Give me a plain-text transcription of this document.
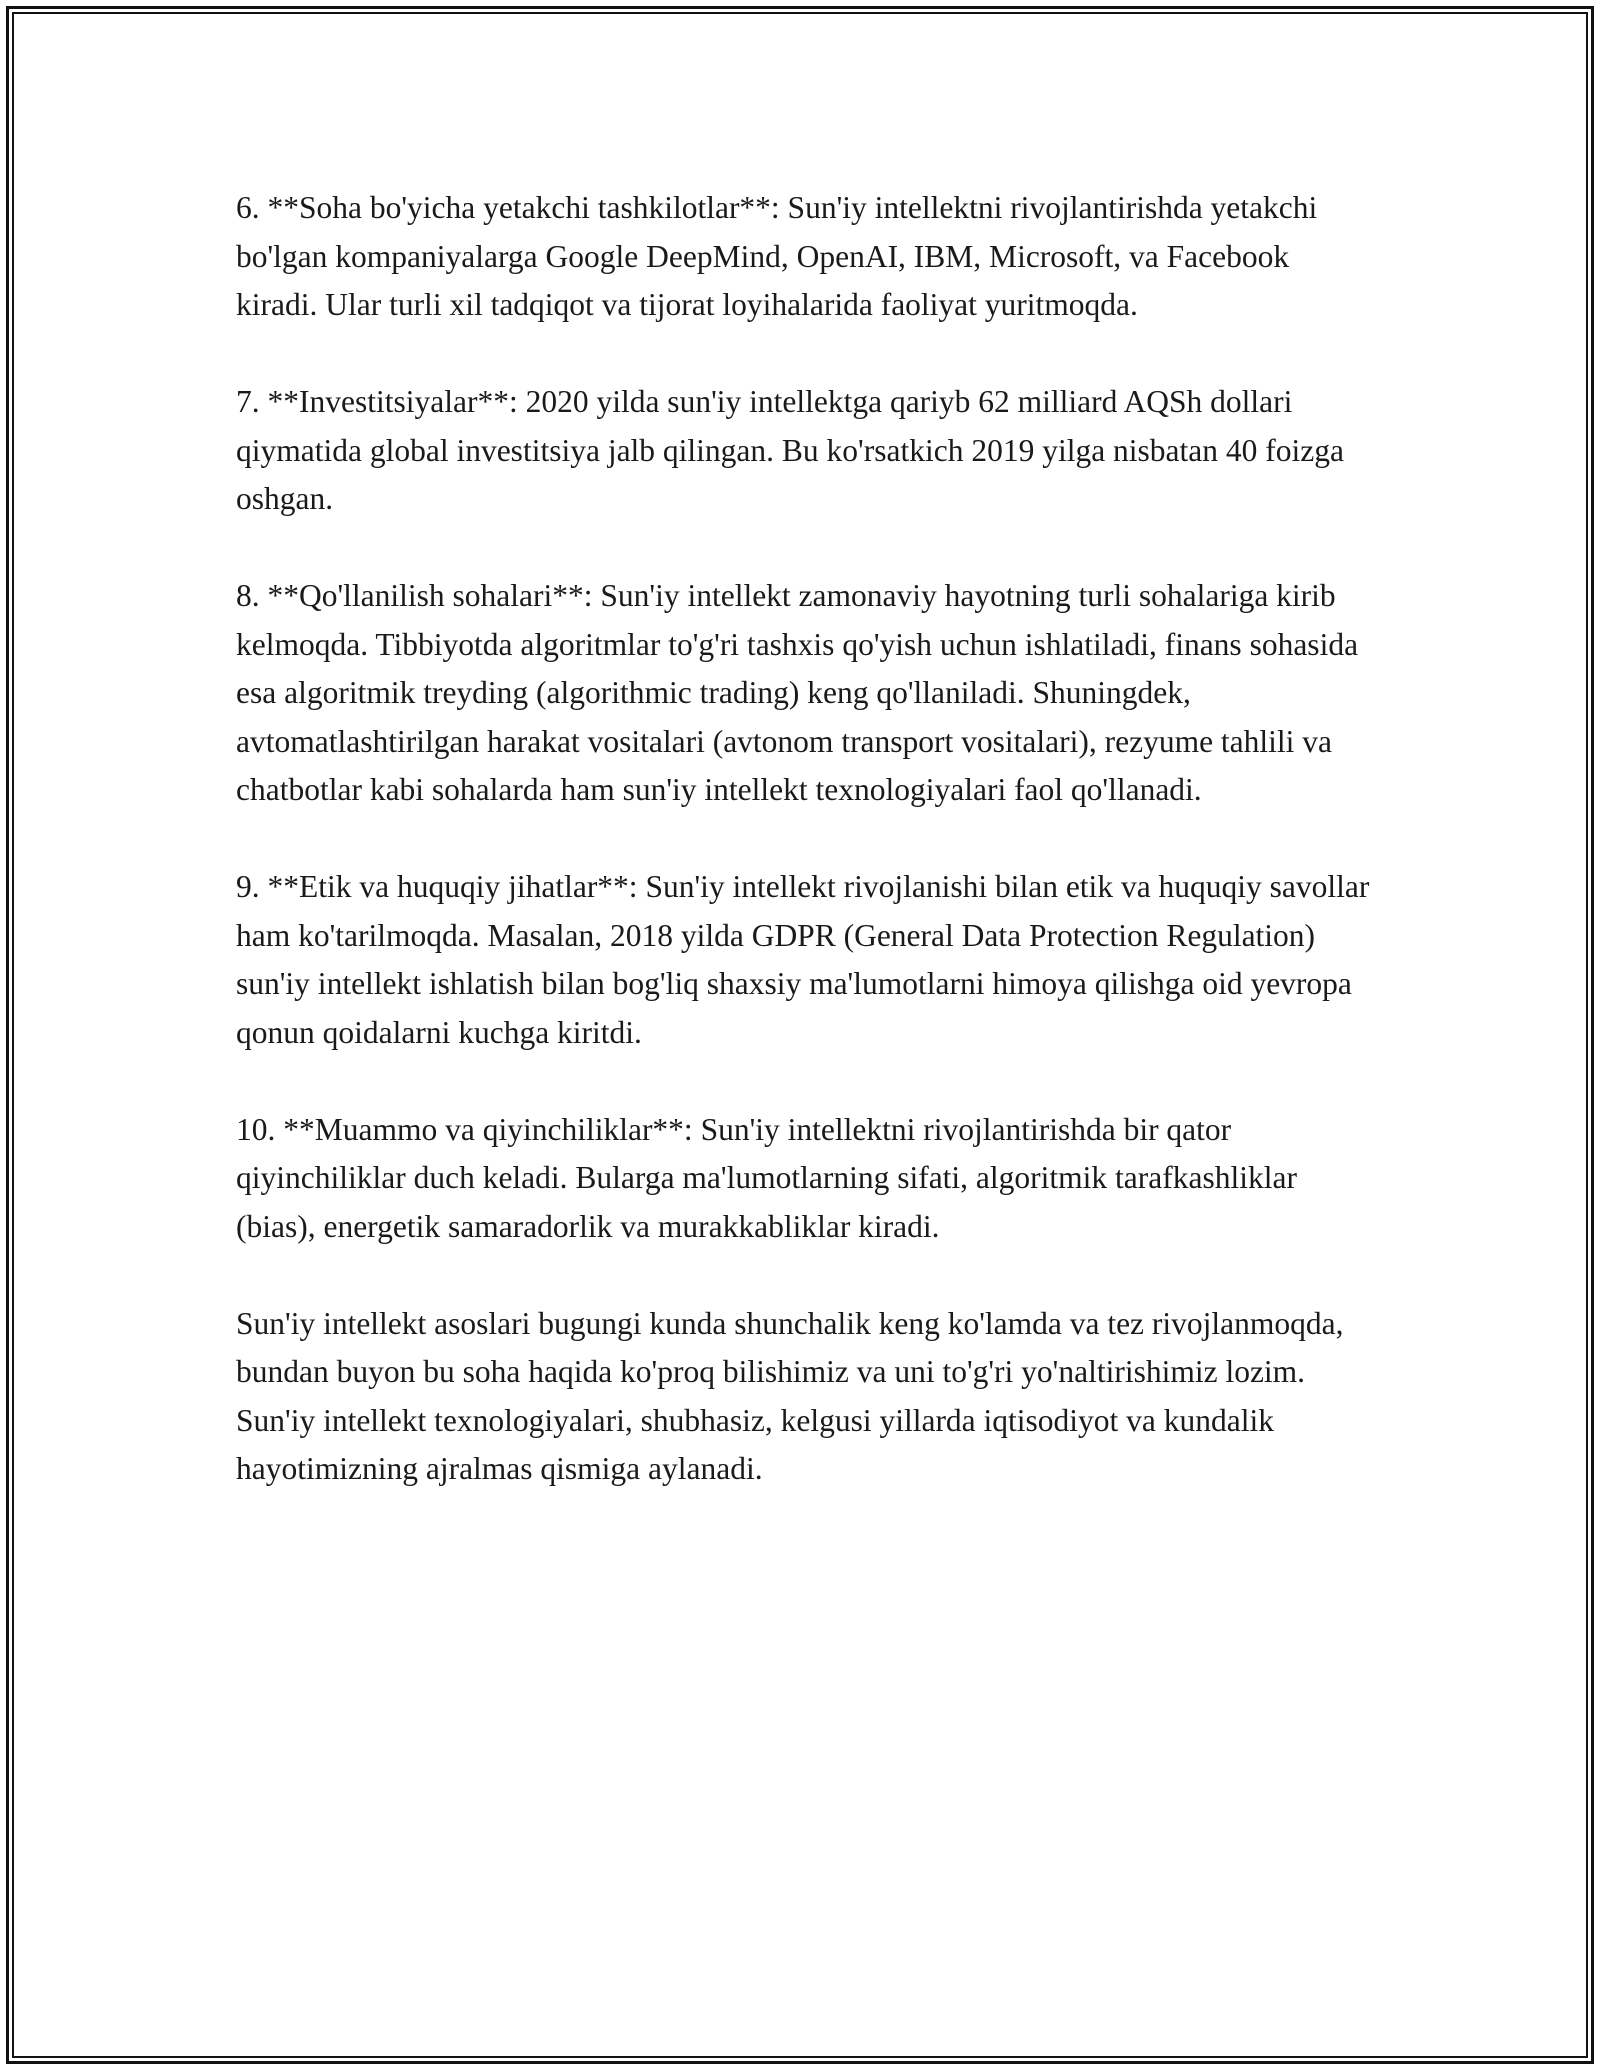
6. **Soha bo'yicha yetakchi tashkilotlar**: Sun'iy intellektni rivojlantirishda yetakchi bo'lgan kompaniyalarga Google DeepMind, OpenAI, IBM, Microsoft, va Facebook kiradi. Ular turli xil tadqiqot va tijorat loyihalarida faoliyat yuritmoqda.

7. **Investitsiyalar**: 2020 yilda sun'iy intellektga qariyb 62 milliard AQSh dollari qiymatida global investitsiya jalb qilingan. Bu ko'rsatkich 2019 yilga nisbatan 40 foizga oshgan.

8. **Qo'llanilish sohalari**: Sun'iy intellekt zamonaviy hayotning turli sohalariga kirib kelmoqda. Tibbiyotda algoritmlar to'g'ri tashxis qo'yish uchun ishlatiladi, finans sohasida esa algoritmik treyding (algorithmic trading) keng qo'llaniladi. Shuningdek, avtomatlashtirilgan harakat vositalari (avtonom transport vositalari), rezyume tahlili va chatbotlar kabi sohalarda ham sun'iy intellekt texnologiyalari faol qo'llanadi.

9. **Etik va huquqiy jihatlar**: Sun'iy intellekt rivojlanishi bilan etik va huquqiy savollar ham ko'tarilmoqda. Masalan, 2018 yilda GDPR (General Data Protection Regulation) sun'iy intellekt ishlatish bilan bog'liq shaxsiy ma'lumotlarni himoya qilishga oid yevropa qonun qoidalarni kuchga kiritdi.

10. **Muammo va qiyinchiliklar**: Sun'iy intellektni rivojlantirishda bir qator qiyinchiliklar duch keladi. Bularga ma'lumotlarning sifati, algoritmik tarafkashliklar (bias), energetik samaradorlik va murakkabliklar kiradi.

Sun'iy intellekt asoslari bugungi kunda shunchalik keng ko'lamda va tez rivojlanmoqda, bundan buyon bu soha haqida ko'proq bilishimiz va uni to'g'ri yo'naltirishimiz lozim. Sun'iy intellekt texnologiyalari, shubhasiz, kelgusi yillarda iqtisodiyot va kundalik hayotimizning ajralmas qismiga aylanadi.
